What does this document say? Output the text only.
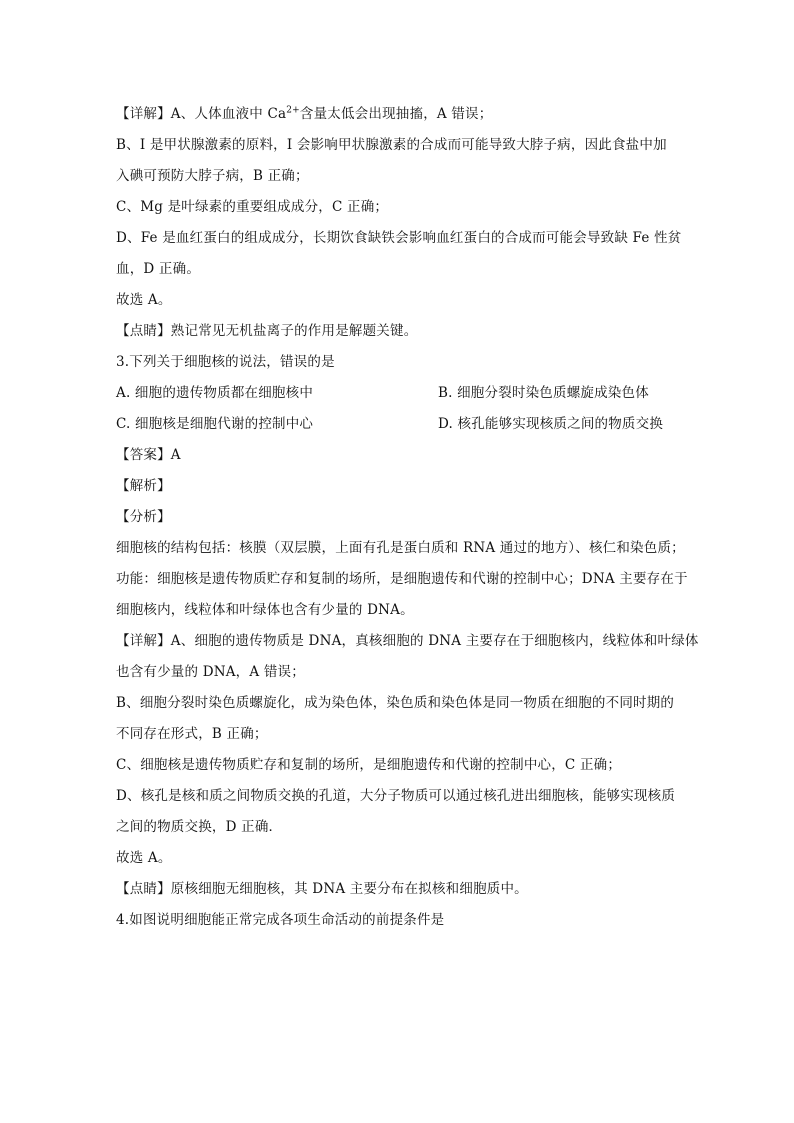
【详解】A、人体血液中 $Ca^{2+}$含量太低会出现抽搐，A 错误；
B、I 是甲状腺激素的原料，I 会影响甲状腺激素的合成而可能导致大脖子病，因此食盐中加
入碘可预防大脖子病，B 正确；
C、Mg 是叶绿素的重要组成成分，C 正确；
D、Fe 是血红蛋白的组成成分，长期饮食缺铁会影响血红蛋白的合成而可能会导致缺 Fe 性贫
血，D 正确。
故选 A。
【点睛】熟记常见无机盐离子的作用是解题关键。
3.下列关于细胞核的说法，错误的是
A. 细胞的遗传物质都在细胞核中	B. 细胞分裂时染色质螺旋成染色体
C. 细胞核是细胞代谢的控制中心	D. 核孔能够实现核质之间的物质交换
【答案】A
【解析】
【分析】
细胞核的结构包括：核膜（双层膜，上面有孔是蛋白质和 RNA 通过的地方）、核仁和染色质；
功能：细胞核是遗传物质贮存和复制的场所，是细胞遗传和代谢的控制中心；DNA 主要存在于
细胞核内，线粒体和叶绿体也含有少量的 DNA。
【详解】A、细胞的遗传物质是 DNA，真核细胞的 DNA 主要存在于细胞核内，线粒体和叶绿体
也含有少量的 DNA，A 错误；
B、细胞分裂时染色质螺旋化，成为染色体，染色质和染色体是同一物质在细胞的不同时期的
不同存在形式，B 正确；
C、细胞核是遗传物质贮存和复制的场所，是细胞遗传和代谢的控制中心，C 正确；
D、核孔是核和质之间物质交换的孔道，大分子物质可以通过核孔进出细胞核，能够实现核质
之间的物质交换，D 正确．
故选 A。
【点睛】原核细胞无细胞核，其 DNA 主要分布在拟核和细胞质中。
4.如图说明细胞能正常完成各项生命活动的前提条件是
